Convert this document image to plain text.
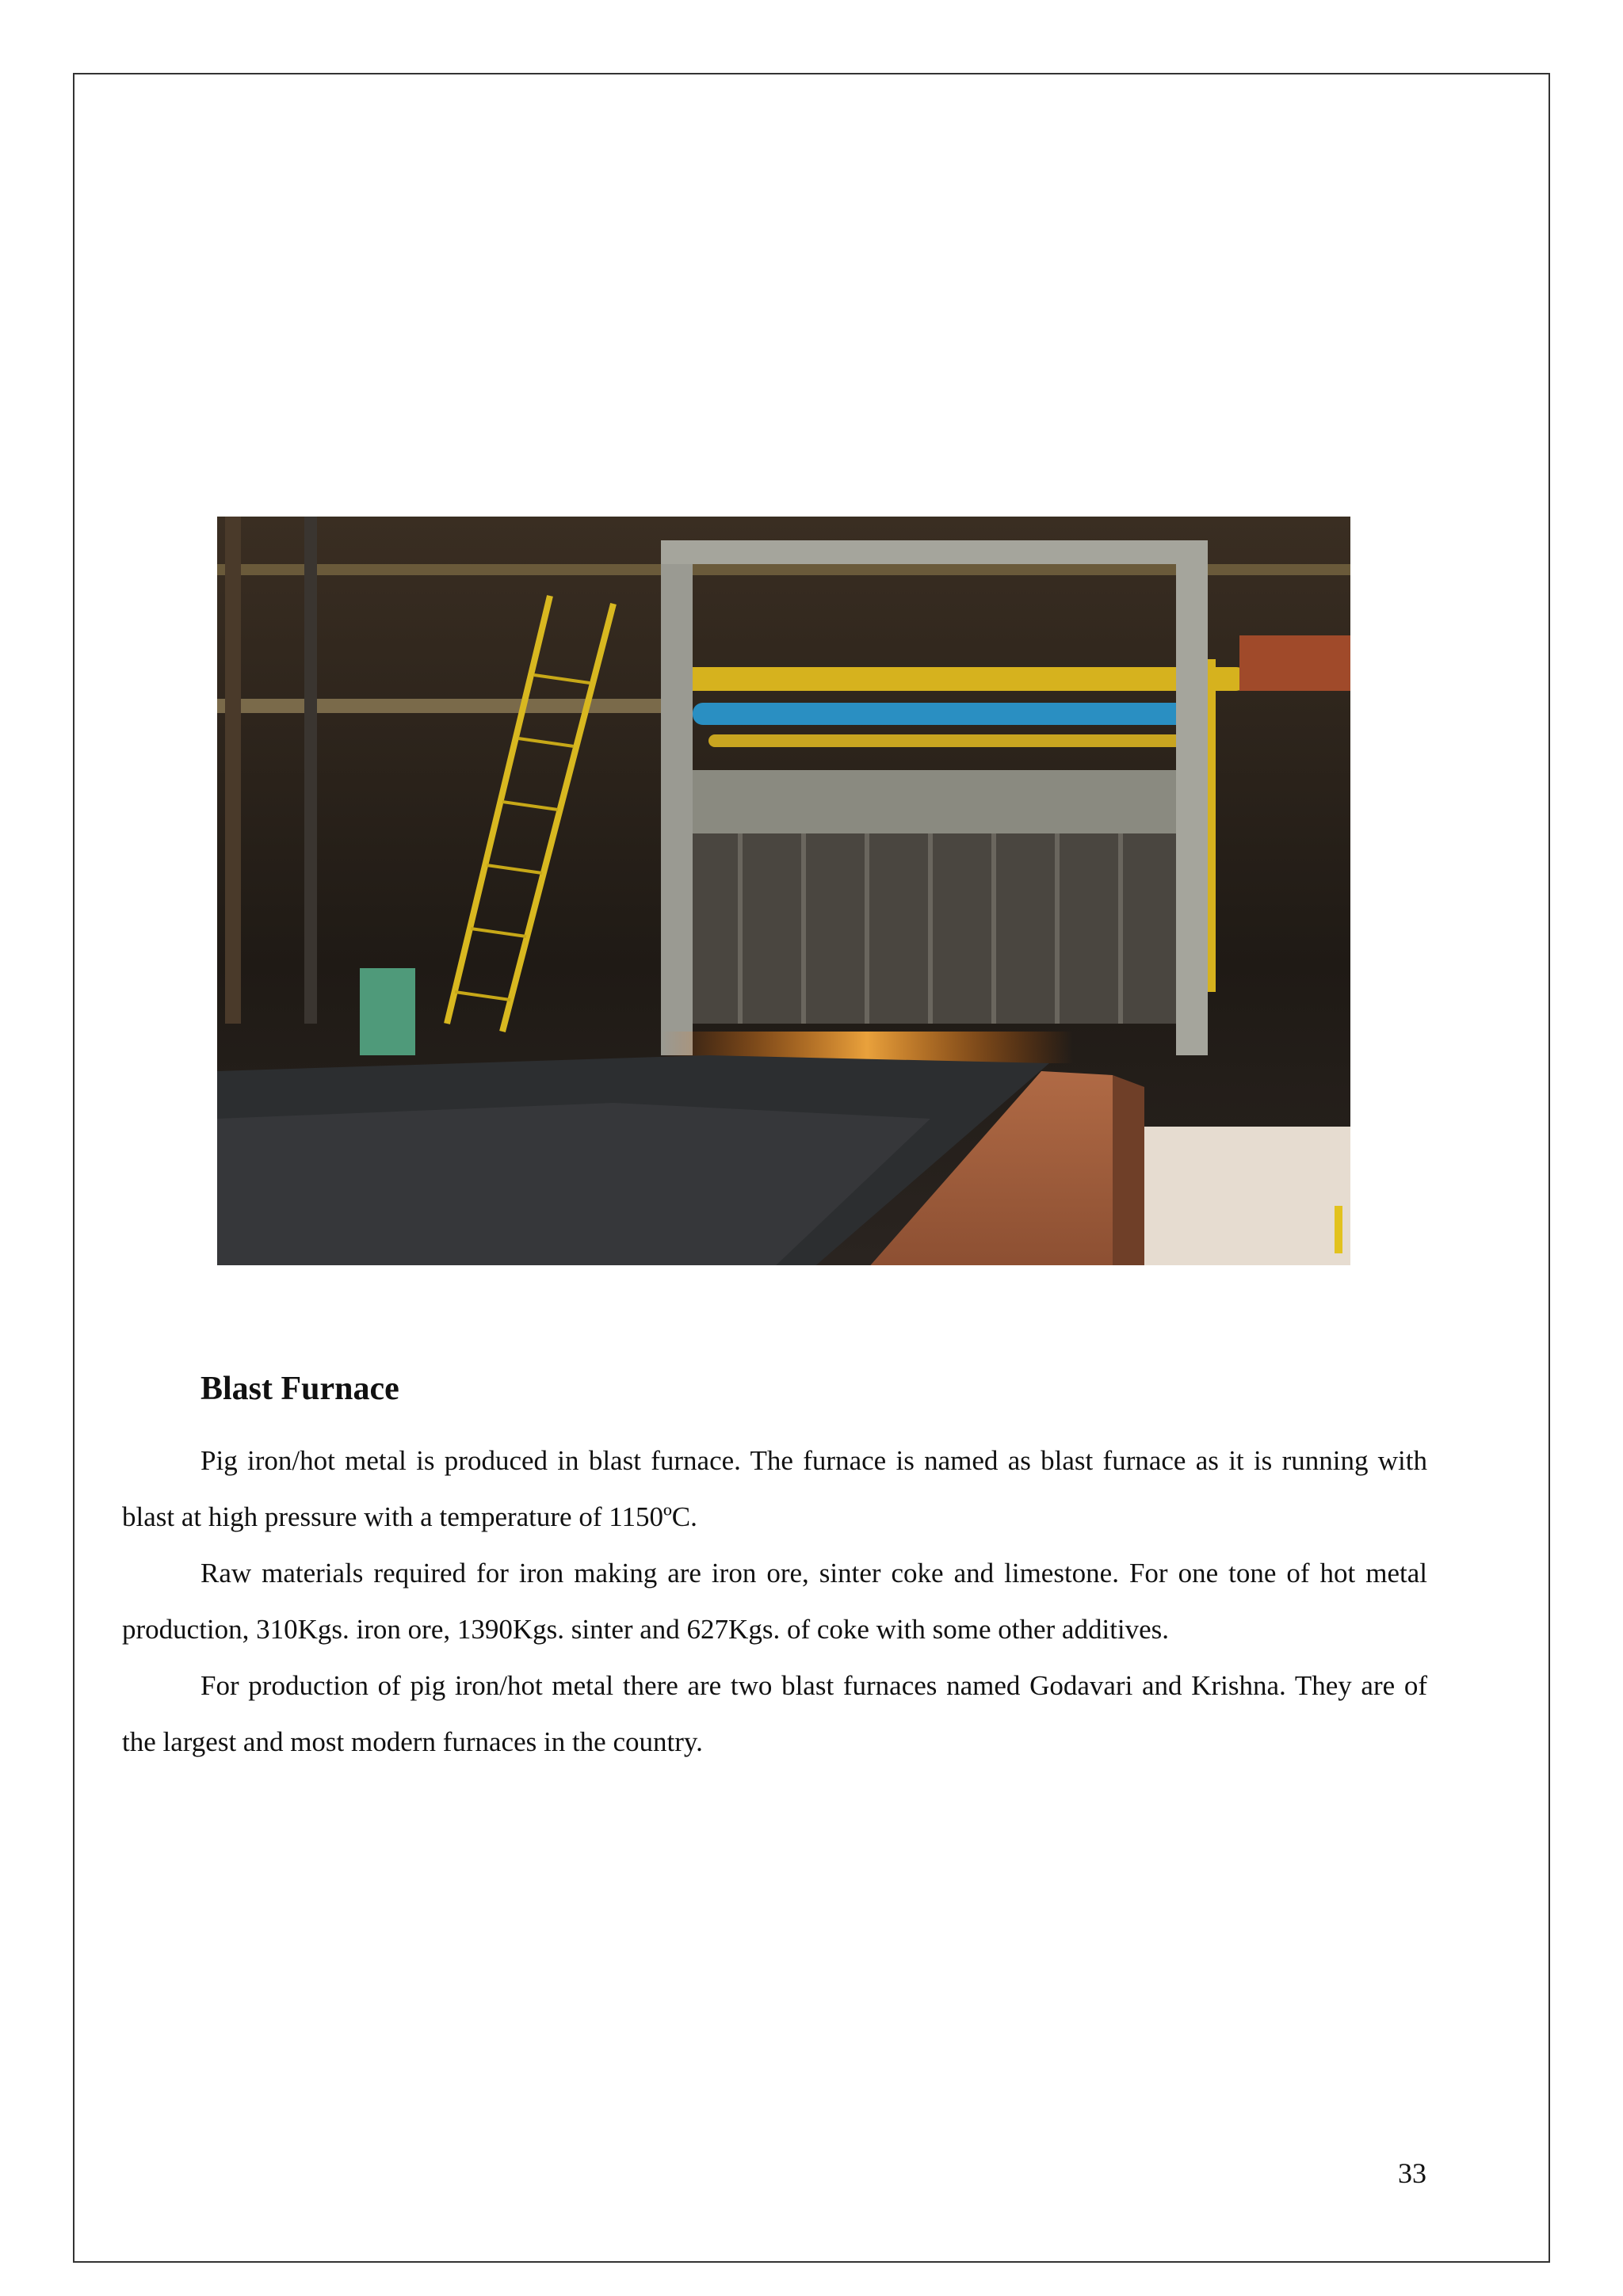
Blast Furnace

Pig iron/hot metal is produced in blast furnace. The furnace is named as blast furnace as it is running with blast at high pressure with a temperature of 1150ºC.

Raw materials required for iron making are iron ore, sinter coke and limestone. For one tone of hot metal production, 310Kgs. iron ore, 1390Kgs. sinter and 627Kgs. of coke with some other additives.

For production of pig iron/hot metal there are two blast furnaces named Godavari and Krishna. They are of the largest and most modern furnaces in the country.

33
